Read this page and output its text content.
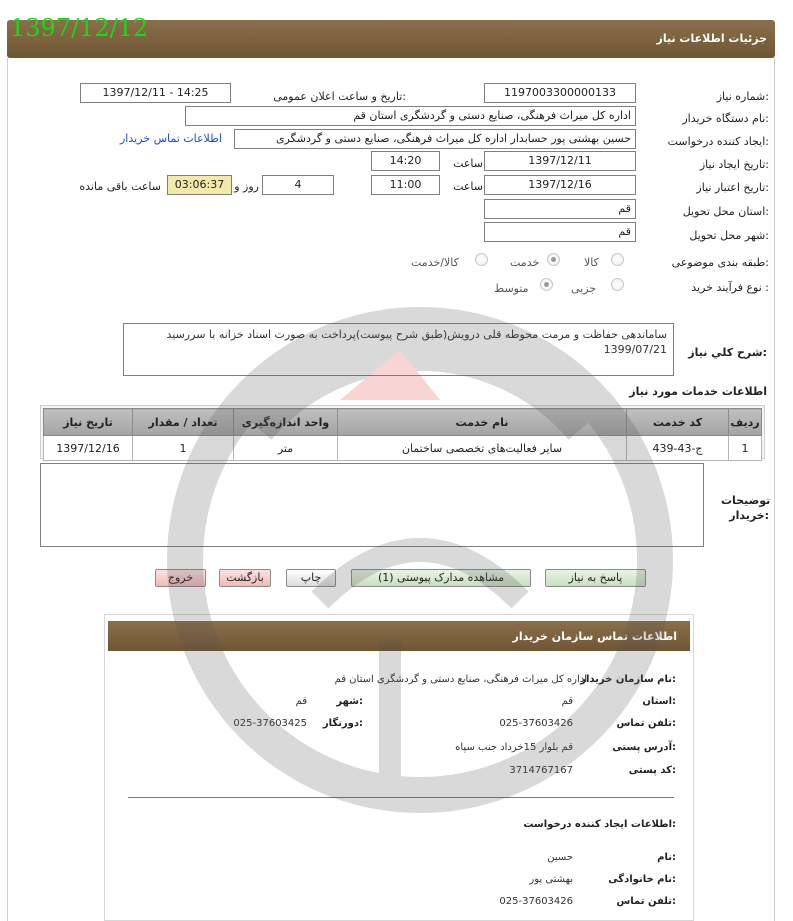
1397/12/12	جزئیات اطلاعات نیاز
شماره نیاز:
1197003300000133
تاریخ و ساعت اعلان عمومی:
1397/12/11 - 14:25
نام دستگاه خریدار:
اداره کل میراث فرهنگی، صنایع دستی و گردشگری استان قم
ایجاد کننده درخواست:
حسین بهشتی پور حسابدار اداره کل میراث فرهنگی، صنایع دستی و گردشگری
اطلاعات تماس خریدار
تاریخ ایجاد نیاز:
1397/12/11
ساعت
14:20
تاریخ اعتبار نیاز:
1397/12/16
ساعت
11:00
4
روز و
03:06:37
ساعت باقی مانده
استان محل تحویل:
قم
شهر محل تحویل:
قم
طبقه بندی موضوعی:
کالا
خدمت
کالا/خدمت
نوع فرآیند خرید :
جزیی
متوسط
شرح کلي نياز:
ساماندهی حفاظت و مرمت محوطه قلی درویش(طبق شرح پیوست)پرداخت به صورت اسناد خزانه با سررسید 1399/07/21
اطلاعات خدمات مورد نیاز
ردیف	کد خدمت	نام خدمت	واحد اندازه‌گیری	تعداد / مقدار	تاریخ نیاز
1	ج-43-439	سایر فعالیت‌های تخصصی ساختمان	متر	1	1397/12/16
توضیحات خریدار:
پاسخ به نیاز
مشاهده مدارک پیوستی (1)
چاپ
بازگشت
خروج
اطلاعات تماس سازمان خریدار
نام سازمان خریدار:
اداره کل میراث فرهنگی، صنایع دستی و گردشگری استان قم
استان:
قم
شهر:
قم
تلفن تماس:
025-37603426
دورنگار:
025-37603425
آدرس پستی:
قم بلوار 15خرداد جنب سپاه
کد پستی:
3714767167
اطلاعات ایجاد کننده درخواست:
نام:
حسین
نام خانوادگی:
بهشتی پور
تلفن تماس:
025-37603426
